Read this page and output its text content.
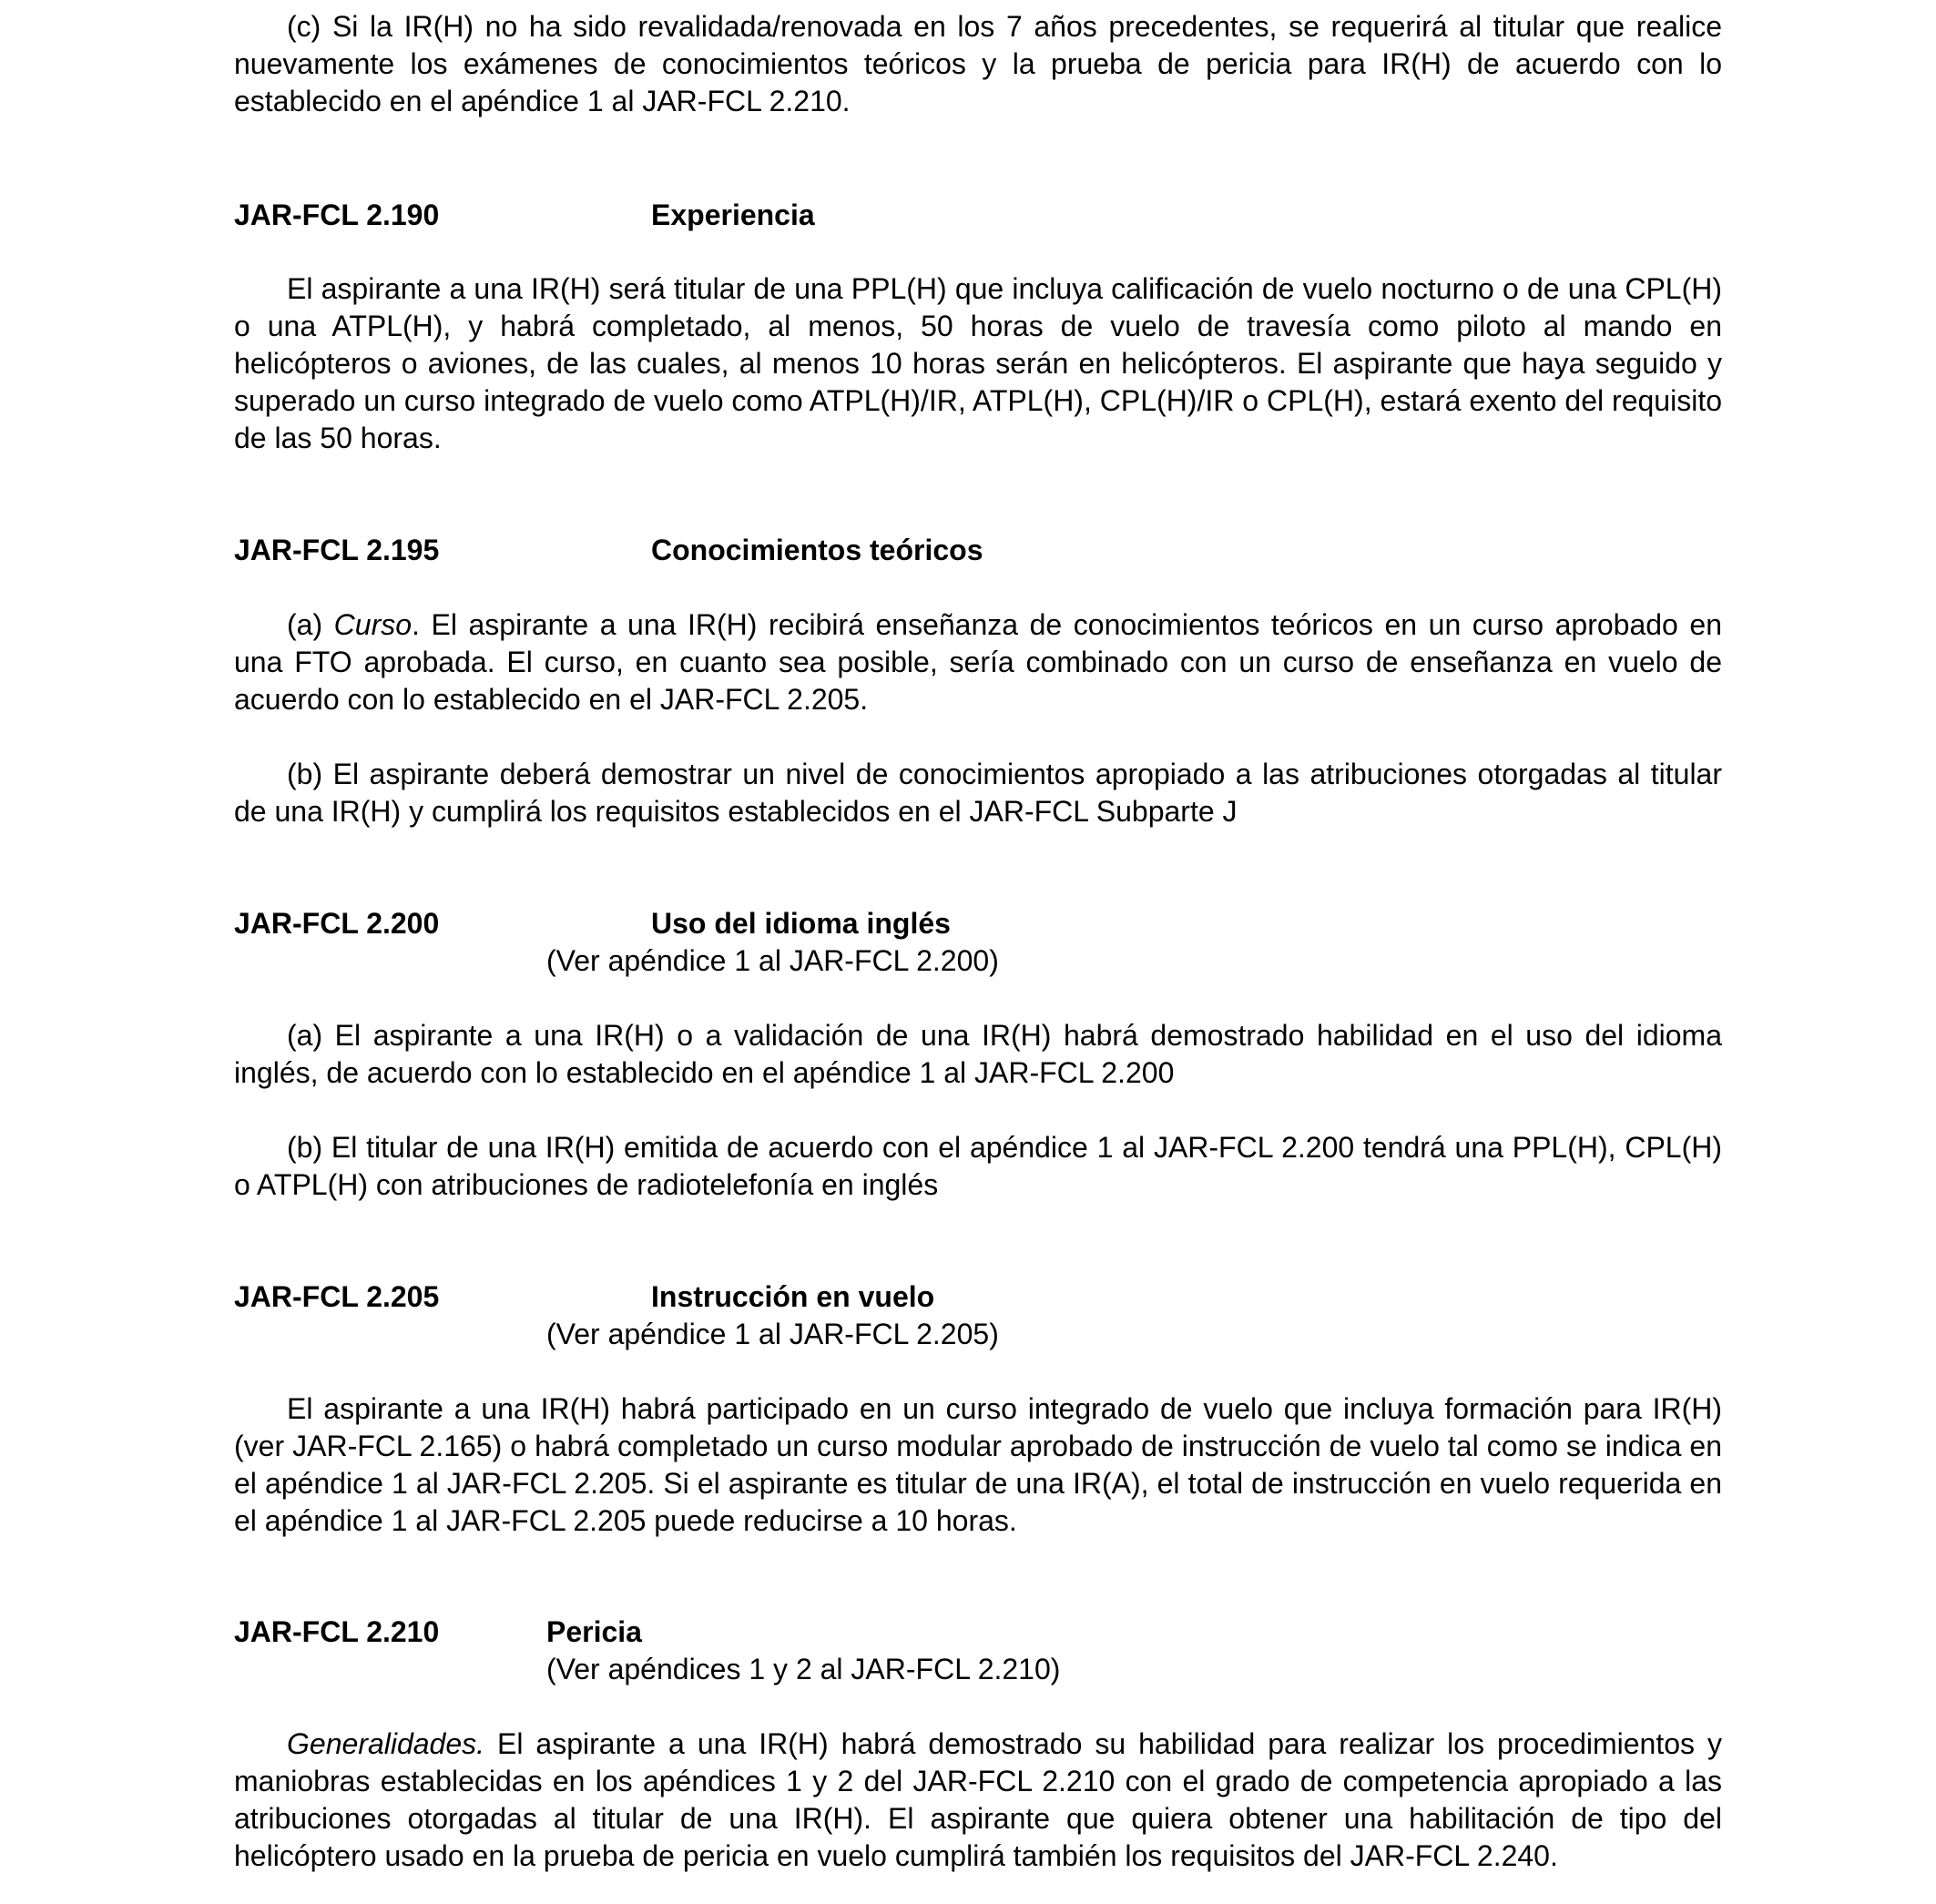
(c) Si la IR(H) no ha sido revalidada/renovada en los 7 años precedentes, se requerirá al titular que realice nuevamente los exámenes de conocimientos teóricos y la prueba de pericia para IR(H) de acuerdo con lo establecido en el apéndice 1 al JAR-FCL 2.210.

JAR-FCL 2.190	Experiencia

El aspirante a una IR(H) será titular de una PPL(H) que incluya calificación de vuelo nocturno o de una CPL(H) o una ATPL(H), y habrá completado, al menos, 50 horas de vuelo de travesía como piloto al mando en helicópteros o aviones, de las cuales, al menos 10 horas serán en helicópteros. El aspirante que haya seguido y superado un curso integrado de vuelo como ATPL(H)/IR, ATPL(H), CPL(H)/IR o CPL(H), estará exento del requisito de las 50 horas.

JAR-FCL 2.195	Conocimientos teóricos

(a) Curso. El aspirante a una IR(H) recibirá enseñanza de conocimientos teóricos en un curso aprobado en una FTO aprobada. El curso, en cuanto sea posible, sería combinado con un curso de enseñanza en vuelo de acuerdo con lo establecido en el JAR-FCL 2.205.

(b) El aspirante deberá demostrar un nivel de conocimientos apropiado a las atribuciones otorgadas al titular de una IR(H) y cumplirá los requisitos establecidos en el JAR-FCL Subparte J

JAR-FCL 2.200	Uso del idioma inglés

(Ver apéndice 1 al JAR-FCL 2.200)

(a) El aspirante a una IR(H) o a validación de una IR(H) habrá demostrado habilidad en el uso del idioma inglés, de acuerdo con lo establecido en el apéndice 1 al JAR-FCL 2.200

(b) El titular de una IR(H) emitida de acuerdo con el apéndice 1 al JAR-FCL 2.200 tendrá una PPL(H), CPL(H) o ATPL(H) con atribuciones de radiotelefonía en inglés

JAR-FCL 2.205	Instrucción en vuelo

(Ver apéndice 1 al JAR-FCL 2.205)

El aspirante a una IR(H) habrá participado en un curso integrado de vuelo que incluya formación para IR(H) (ver JAR-FCL 2.165) o habrá completado un curso modular aprobado de instrucción de vuelo tal como se indica en el apéndice 1 al JAR-FCL 2.205. Si el aspirante es titular de una IR(A), el total de instrucción en vuelo requerida en el apéndice 1 al JAR-FCL 2.205 puede reducirse a 10 horas.

JAR-FCL 2.210	Pericia

(Ver apéndices 1 y 2 al JAR-FCL 2.210)

Generalidades. El aspirante a una IR(H) habrá demostrado su habilidad para realizar los procedimientos y maniobras establecidas en los apéndices 1 y 2 del JAR-FCL 2.210 con el grado de competencia apropiado a las atribuciones otorgadas al titular de una IR(H). El aspirante que quiera obtener una habilitación de tipo del helicóptero usado en la prueba de pericia en vuelo cumplirá también los requisitos del JAR-FCL 2.240.
